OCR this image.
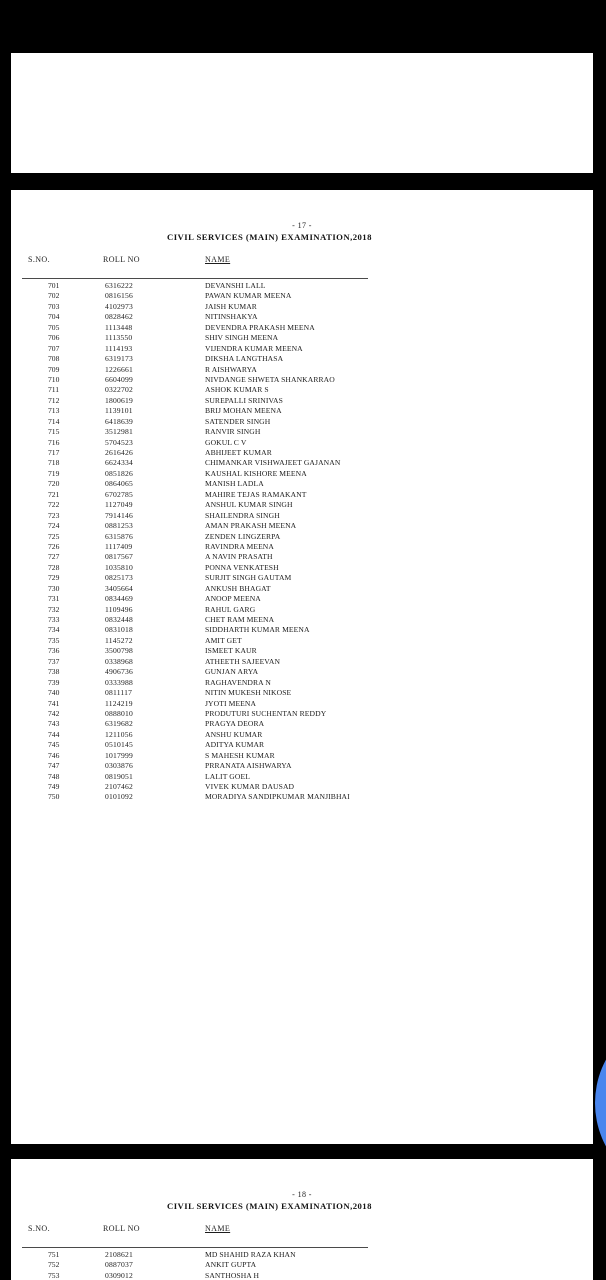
- 17 -
CIVIL SERVICES (MAIN) EXAMINATION,2018
S.NO.	ROLL NO	NAME
701	6316222	DEVANSHI LALL
702	0816156	PAWAN KUMAR MEENA
703	4102973	JAISH KUMAR
704	0828462	NITINSHAKYA
705	1113448	DEVENDRA PRAKASH MEENA
706	1113550	SHIV SINGH MEENA
707	1114193	VIJENDRA KUMAR MEENA
708	6319173	DIKSHA LANGTHASA
709	1226661	R AISHWARYA
710	6604099	NIVDANGE SHWETA SHANKARRAO
711	0322702	ASHOK KUMAR S
712	1800619	SUREPALLI SRINIVAS
713	1139101	BRIJ MOHAN MEENA
714	6418639	SATENDER SINGH
715	3512981	RANVIR SINGH
716	5704523	GOKUL C V
717	2616426	ABHIJEET KUMAR
718	6624334	CHIMANKAR VISHWAJEET GAJANAN
719	0851826	KAUSHAL KISHORE MEENA
720	0864065	MANISH LADLA
721	6702785	MAHIRE TEJAS RAMAKANT
722	1127049	ANSHUL KUMAR SINGH
723	7914146	SHAILENDRA SINGH
724	0881253	AMAN PRAKASH MEENA
725	6315876	ZENDEN LINGZERPA
726	1117409	RAVINDRA MEENA
727	0817567	A NAVIN PRASATH
728	1035810	PONNA VENKATESH
729	0825173	SURJIT SINGH GAUTAM
730	3405664	ANKUSH BHAGAT
731	0834469	ANOOP MEENA
732	1109496	RAHUL GARG
733	0832448	CHET RAM MEENA
734	0831018	SIDDHARTH KUMAR MEENA
735	1145272	AMIT GET
736	3500798	ISMEET KAUR
737	0338968	ATHEETH SAJEEVAN
738	4906736	GUNJAN ARYA
739	0333988	RAGHAVENDRA N
740	0811117	NITIN MUKESH NIKOSE
741	1124219	JYOTI MEENA
742	0888010	PRODUTURI SUCHENTAN REDDY
743	6319682	PRAGYA DEORA
744	1211056	ANSHU KUMAR
745	0510145	ADITYA KUMAR
746	1017999	S MAHESH KUMAR
747	0303876	PRRANATA AISHWARYA
748	0819051	LALIT GOEL
749	2107462	VIVEK KUMAR DAUSAD
750	0101092	MORADIYA SANDIPKUMAR MANJIBHAI
- 18 -
CIVIL SERVICES (MAIN) EXAMINATION,2018
S.NO.	ROLL NO	NAME
751	2108621	MD SHAHID RAZA KHAN
752	0887037	ANKIT GUPTA
753	0309012	SANTHOSHA H
